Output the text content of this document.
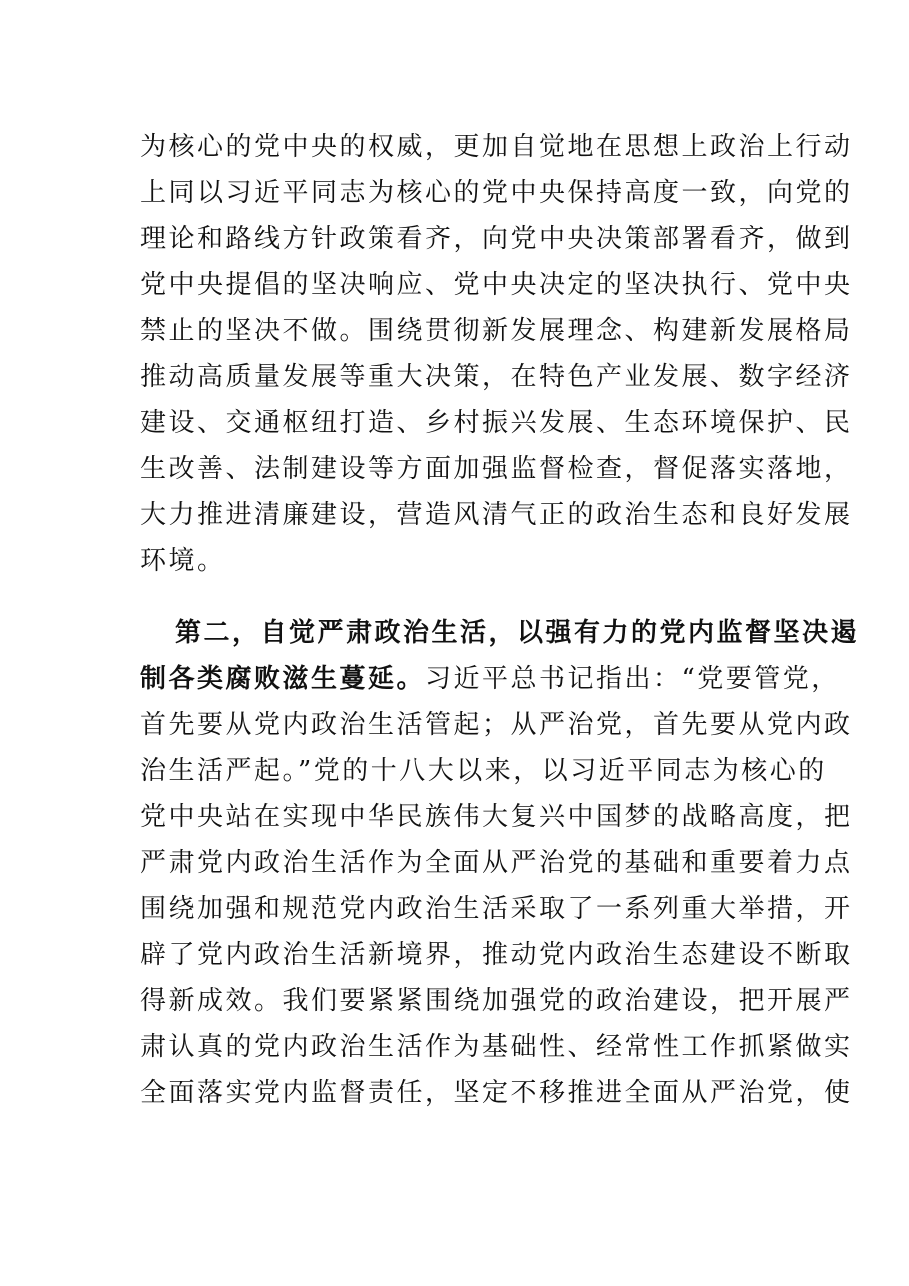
为核心的党中央的权威，更加自觉地在思想上政治上行动
上同以习近平同志为核心的党中央保持高度一致，向党的
理论和路线方针政策看齐，向党中央决策部署看齐，做到
党中央提倡的坚决响应、党中央决定的坚决执行、党中央
禁止的坚决不做。围绕贯彻新发展理念、构建新发展格局
推动高质量发展等重大决策，在特色产业发展、数字经济
建设、交通枢纽打造、乡村振兴发展、生态环境保护、民
生改善、法制建设等方面加强监督检查，督促落实落地，
大力推进清廉建设，营造风清气正的政治生态和良好发展
环境。
第二，自觉严肃政治生活，以强有力的党内监督坚决遏
制各类腐败滋生蔓延。习近平总书记指出：“党要管党，
首先要从党内政治生活管起；从严治党，首先要从党内政
治生活严起。”党的十八大以来，以习近平同志为核心的
党中央站在实现中华民族伟大复兴中国梦的战略高度，把
严肃党内政治生活作为全面从严治党的基础和重要着力点
围绕加强和规范党内政治生活采取了一系列重大举措，开
辟了党内政治生活新境界，推动党内政治生态建设不断取
得新成效。我们要紧紧围绕加强党的政治建设，把开展严
肃认真的党内政治生活作为基础性、经常性工作抓紧做实
全面落实党内监督责任，坚定不移推进全面从严治党，使
